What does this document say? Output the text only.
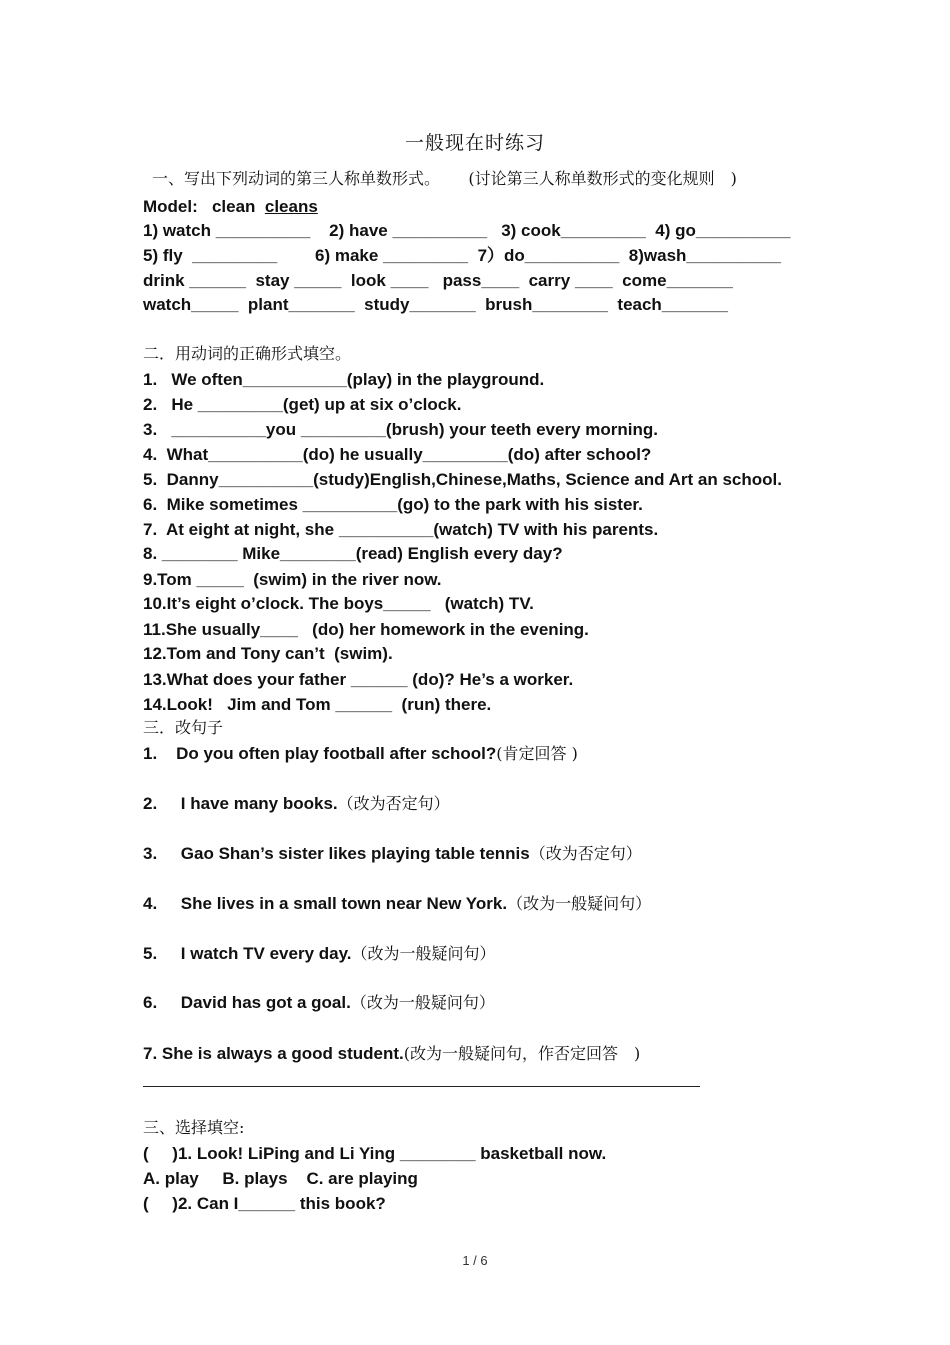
一般现在时练习
一、写出下列动词的第三人称单数形式。 (讨论第三人称单数形式的变化规则　)
Model:   clean  cleans
1) watch __________    2) have __________   3) cook_________  4) go__________
5) fly  _________        6) make _________  7）do__________  8)wash__________
drink ______  stay _____  look ____   pass____  carry ____  come_______
watch_____  plant_______  study_______  brush________  teach_______
二．用动词的正确形式填空。
1.   We often___________(play) in the playground.
2.   He _________(get) up at six o’clock.
3.   __________you _________(brush) your teeth every morning.
4.  What__________(do) he usually_________(do) after school?
5.  Danny__________(study)English,Chinese,Maths, Science and Art an school.
6.  Mike sometimes __________(go) to the park with his sister.
7.  At eight at night, she __________(watch) TV with his parents.
8. ________ Mike________(read) English every day?
9.Tom _____  (swim) in the river now.
10.It’s eight o’clock. The boys_____   (watch) TV.
11.She usually____   (do) her homework in the evening.
12.Tom and Tony can’t  (swim).
13.What does your father ______ (do)? He’s a worker.
14.Look!   Jim and Tom ______  (run) there.
三．改句子
1.    Do you often play football after school?(肯定回答 )
2.     I have many books.（改为否定句）
3.     Gao Shan’s sister likes playing table tennis（改为否定句）
4.     She lives in a small town near New York.（改为一般疑问句）
5.     I watch TV every day.（改为一般疑问句）
6.     David has got a goal.（改为一般疑问句）
7. She is always a good student.(改为一般疑问句，作否定回答　)
三、选择填空:
(     )1. Look! LiPing and Li Ying ________ basketball now.
A. play     B. plays    C. are playing
(     )2. Can I______ this book?
1 / 6
